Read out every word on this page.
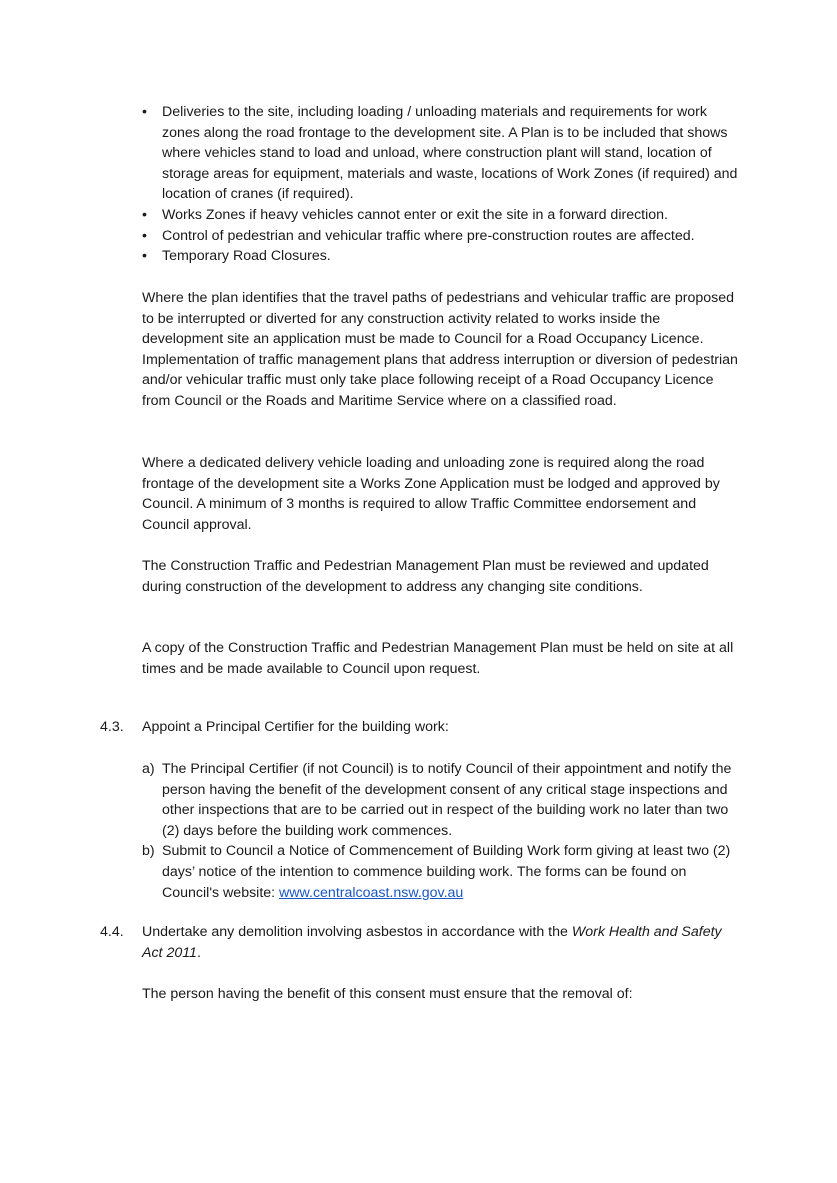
• Deliveries to the site, including loading / unloading materials and requirements for work zones along the road frontage to the development site. A Plan is to be included that shows where vehicles stand to load and unload, where construction plant will stand, location of storage areas for equipment, materials and waste, locations of Work Zones (if required) and location of cranes (if required).
• Works Zones if heavy vehicles cannot enter or exit the site in a forward direction.
• Control of pedestrian and vehicular traffic where pre-construction routes are affected.
• Temporary Road Closures.

Where the plan identifies that the travel paths of pedestrians and vehicular traffic are proposed to be interrupted or diverted for any construction activity related to works inside the development site an application must be made to Council for a Road Occupancy Licence. Implementation of traffic management plans that address interruption or diversion of pedestrian and/or vehicular traffic must only take place following receipt of a Road Occupancy Licence from Council or the Roads and Maritime Service where on a classified road.

Where a dedicated delivery vehicle loading and unloading zone is required along the road frontage of the development site a Works Zone Application must be lodged and approved by Council. A minimum of 3 months is required to allow Traffic Committee endorsement and Council approval.

The Construction Traffic and Pedestrian Management Plan must be reviewed and updated during construction of the development to address any changing site conditions.

A copy of the Construction Traffic and Pedestrian Management Plan must be held on site at all times and be made available to Council upon request.

4.3.	Appoint a Principal Certifier for the building work:
a) The Principal Certifier (if not Council) is to notify Council of their appointment and notify the person having the benefit of the development consent of any critical stage inspections and other inspections that are to be carried out in respect of the building work no later than two (2) days before the building work commences.
b) Submit to Council a Notice of Commencement of Building Work form giving at least two (2) days’ notice of the intention to commence building work. The forms can be found on Council's website: www.centralcoast.nsw.gov.au
4.4.	Undertake any demolition involving asbestos in accordance with the Work Health and Safety Act 2011.

The person having the benefit of this consent must ensure that the removal of:
